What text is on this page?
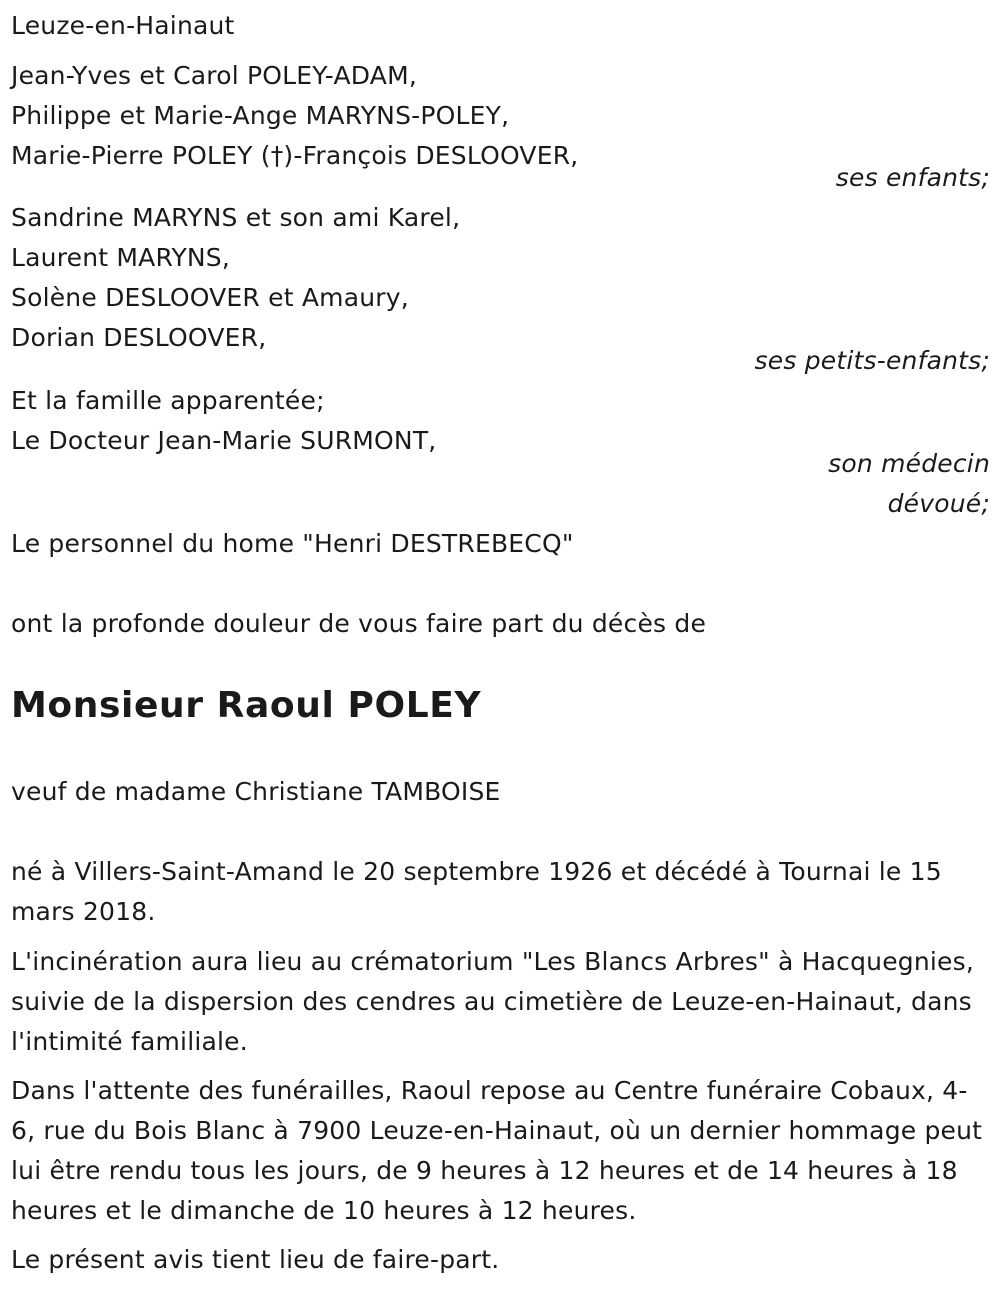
Leuze-en-Hainaut
Jean-Yves et Carol POLEY-ADAM,
Philippe et Marie-Ange MARYNS-POLEY,
Marie-Pierre POLEY (†)-François DESLOOVER,
ses enfants;
Sandrine MARYNS et son ami Karel,
Laurent MARYNS,
Solène DESLOOVER et Amaury,
Dorian DESLOOVER,
ses petits-enfants;
Et la famille apparentée;
Le Docteur Jean-Marie SURMONT,
son médecin
dévoué;
Le personnel du home "Henri DESTREBECQ"
ont la profonde douleur de vous faire part du décès de
Monsieur Raoul POLEY
veuf de madame Christiane TAMBOISE
né à Villers-Saint-Amand le 20 septembre 1926 et décédé à Tournai le 15 mars 2018.
L'incinération aura lieu au crématorium "Les Blancs Arbres" à Hacquegnies, suivie de la dispersion des cendres au cimetière de Leuze-en-Hainaut, dans l'intimité familiale.
Dans l'attente des funérailles, Raoul repose au Centre funéraire Cobaux, 4-6, rue du Bois Blanc à 7900 Leuze-en-Hainaut, où un dernier hommage peut lui être rendu tous les jours, de 9 heures à 12 heures et de 14 heures à 18 heures et le dimanche de 10 heures à 12 heures.
Le présent avis tient lieu de faire-part.
